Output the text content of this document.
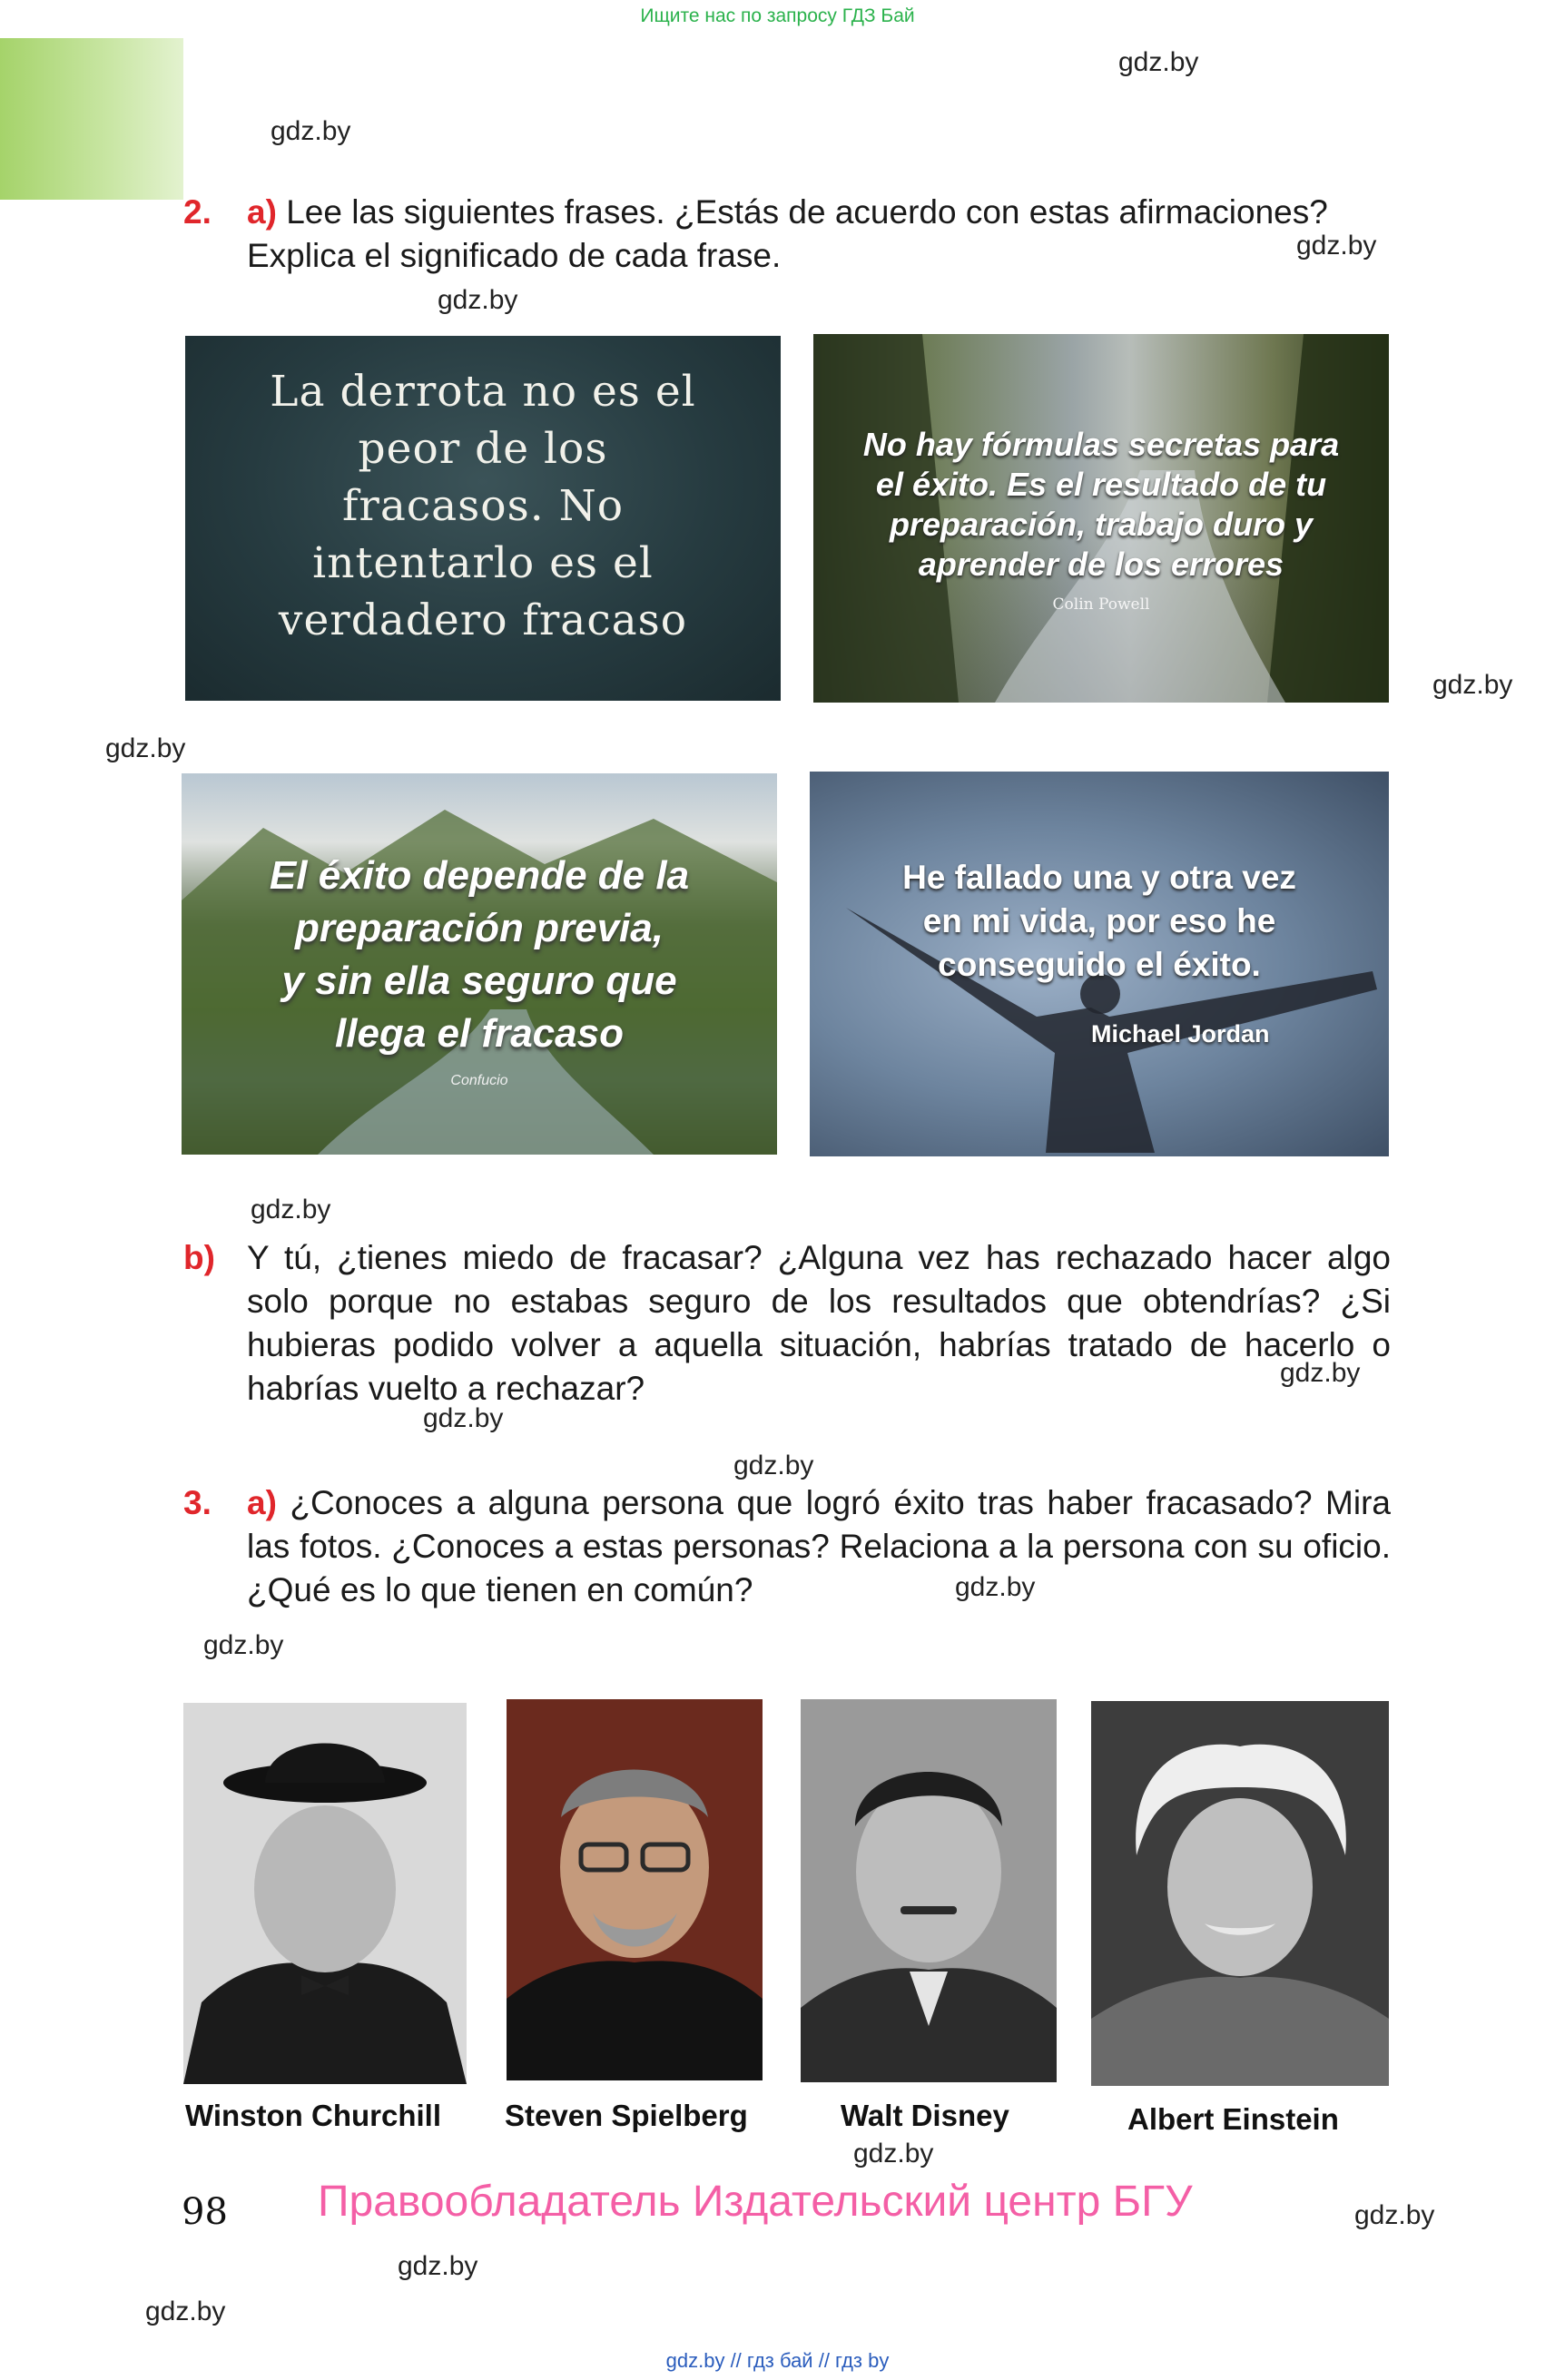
Ищите нас по запросу ГДЗ Бай
gdz.by
gdz.by
gdz.by
gdz.by
gdz.by
gdz.by
gdz.by
gdz.by
gdz.by
gdz.by
gdz.by
gdz.by
gdz.by
gdz.by
gdz.by
gdz.by
2. a) Lee las siguientes frases. ¿Estás de acuerdo con estas afirmaciones?
Explica el significado de cada frase.
La derrota no es el
peor de los
fracasos. No
intentarlo es el
verdadero fracaso
No hay fórmulas secretas para
el éxito. Es el resultado de tu
preparación, trabajo duro y
aprender de los errores
Colin Powell
El éxito depende de la
preparación previa,
y sin ella seguro que
llega el fracaso
Confucio
He fallado una y otra vez
en mi vida, por eso he
conseguido el éxito.
Michael Jordan
b) Y tú, ¿tienes miedo de fracasar? ¿Alguna vez has rechazado hacer algo solo porque no estabas seguro de los resultados que obtendrías? ¿Si hubieras podido volver a aquella situación, habrías tratado de hacerlo o habrías vuelto a rechazar?
3. a) ¿Conoces a alguna persona que logró éxito tras haber fracasado? Mira las fotos. ¿Conoces a estas personas? Relaciona a la persona con su oficio. ¿Qué es lo que tienen en común?
Winston Churchill Steven Spielberg	Walt Disney	Albert Einstein
98 Правообладатель Издательский центр БГУ
gdz.by // гдз бай // гдз by
